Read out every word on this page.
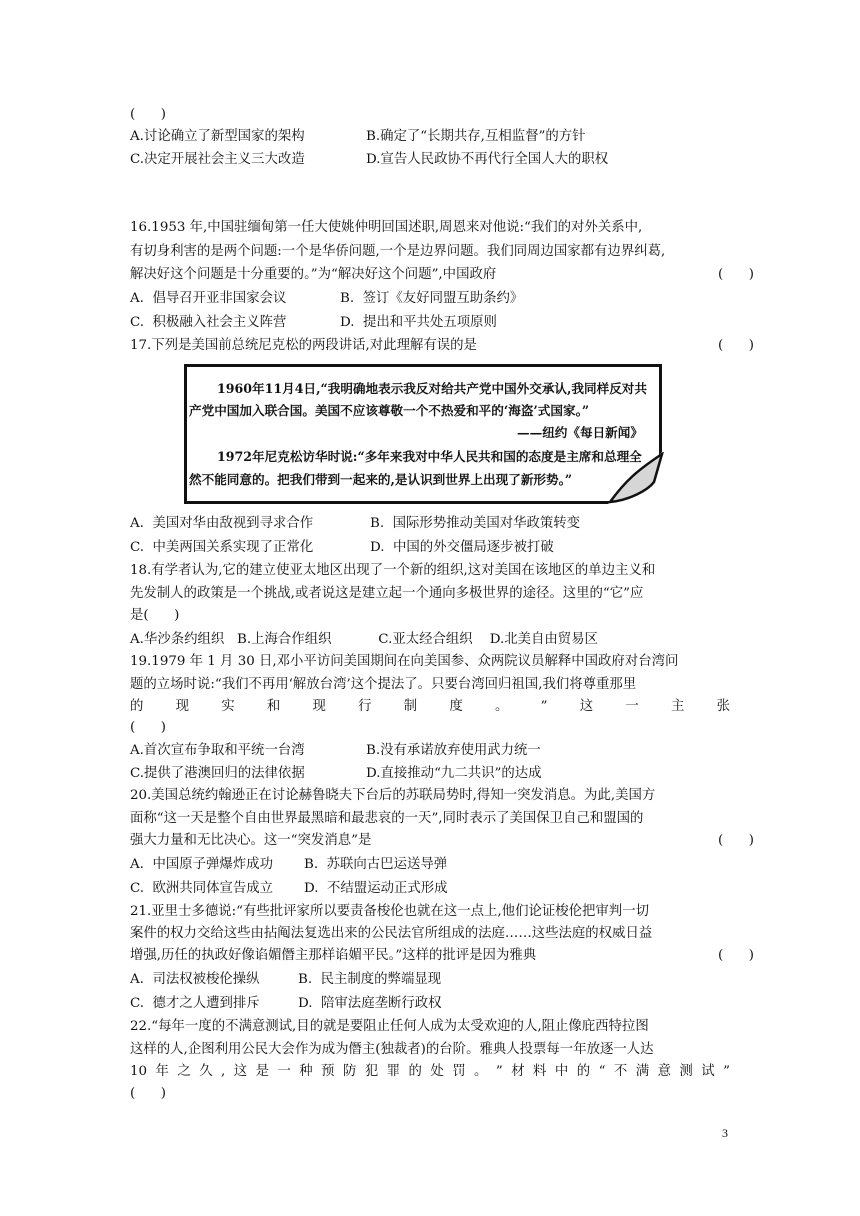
(      )
A.讨论确立了新型国家的架构	B.确定了“长期共存,互相监督”的方针
C.决定开展社会主义三大改造	D.宣告人民政协不再代行全国人大的职权
16.1953 年,中国驻缅甸第一任大使姚仲明回国述职,周恩来对他说:“我们的对外关系中,
有切身利害的是两个问题:一个是华侨问题,一个是边界问题。我们同周边国家都有边界纠葛,
解决好这个问题是十分重要的。”为“解决好这个问题”,中国政府	(      )
A.  倡导召开亚非国家会议	B.  签订《友好同盟互助条约》
C.  积极融入社会主义阵营	D.  提出和平共处五项原则
17.下列是美国前总统尼克松的两段讲话,对此理解有误的是	(      )
1960年11月4日,“我明确地表示我反对给共产党中国外交承认,我同样反对共
产党中国加入联合国。美国不应该尊敬一个不热爱和平的‘海盗’式国家。”
——纽约《每日新闻》
1972年尼克松访华时说:“多年来我对中华人民共和国的态度是主席和总理全
然不能同意的。把我们带到一起来的,是认识到世界上出现了新形势。”
A.  美国对华由敌视到寻求合作	B.  国际形势推动美国对华政策转变
C.  中美两国关系实现了正常化	D.  中国的外交僵局逐步被打破
18.有学者认为,它的建立使亚太地区出现了一个新的组织,这对美国在该地区的单边主义和
先发制人的政策是一个挑战,或者说这是建立起一个通向多极世界的途径。这里的“它”应
是(      )
A.华沙条约组织   B.上海合作组织           C.亚太经合组织    D.北美自由贸易区
19.1979 年 1 月 30 日,邓小平访问美国期间在向美国参、众两院议员解释中国政府对台湾问
题的立场时说:“我们不再用‘解放台湾’这个提法了。只要台湾回归祖国,我们将尊重那里
的 现 实 和 现 行 制 度 。 ” 这 一 主 张
(      )
A.首次宣布争取和平统一台湾	B.没有承诺放弃使用武力统一
C.提供了港澳回归的法律依据	D.直接推动“九二共识”的达成
20.美国总统约翰逊正在讨论赫鲁晓夫下台后的苏联局势时,得知一突发消息。为此,美国方
面称“这一天是整个自由世界最黑暗和最悲哀的一天”,同时表示了美国保卫自己和盟国的
强大力量和无比决心。这一“突发消息”是	(      )
A.  中国原子弹爆炸成功 B.  苏联向古巴运送导弹
C.  欧洲共同体宣告成立 D.  不结盟运动正式形成
21.亚里士多德说:“有些批评家所以要责备梭伦也就在这一点上,他们论证梭伦把审判一切
案件的权力交给这些由拈阄法复选出来的公民法官所组成的法庭……这些法庭的权威日益
增强,历任的执政好像谄媚僭主那样谄媚平民。”这样的批评是因为雅典	(      )
A.  司法权被梭伦操纵	B.  民主制度的弊端显现
C.  德才之人遭到排斥	D.  陪审法庭垄断行政权
22.“每年一度的不满意测试,目的就是要阻止任何人成为太受欢迎的人,阻止像庇西特拉图
这样的人,企图利用公民大会作为成为僭主(独裁者)的台阶。雅典人投票每一年放逐一人达
10 年 之 久 , 这 是 一 种 预 防 犯 罪 的 处 罚 。 ” 材 料 中 的 “ 不 满 意 测 试 ”
(      )
3
